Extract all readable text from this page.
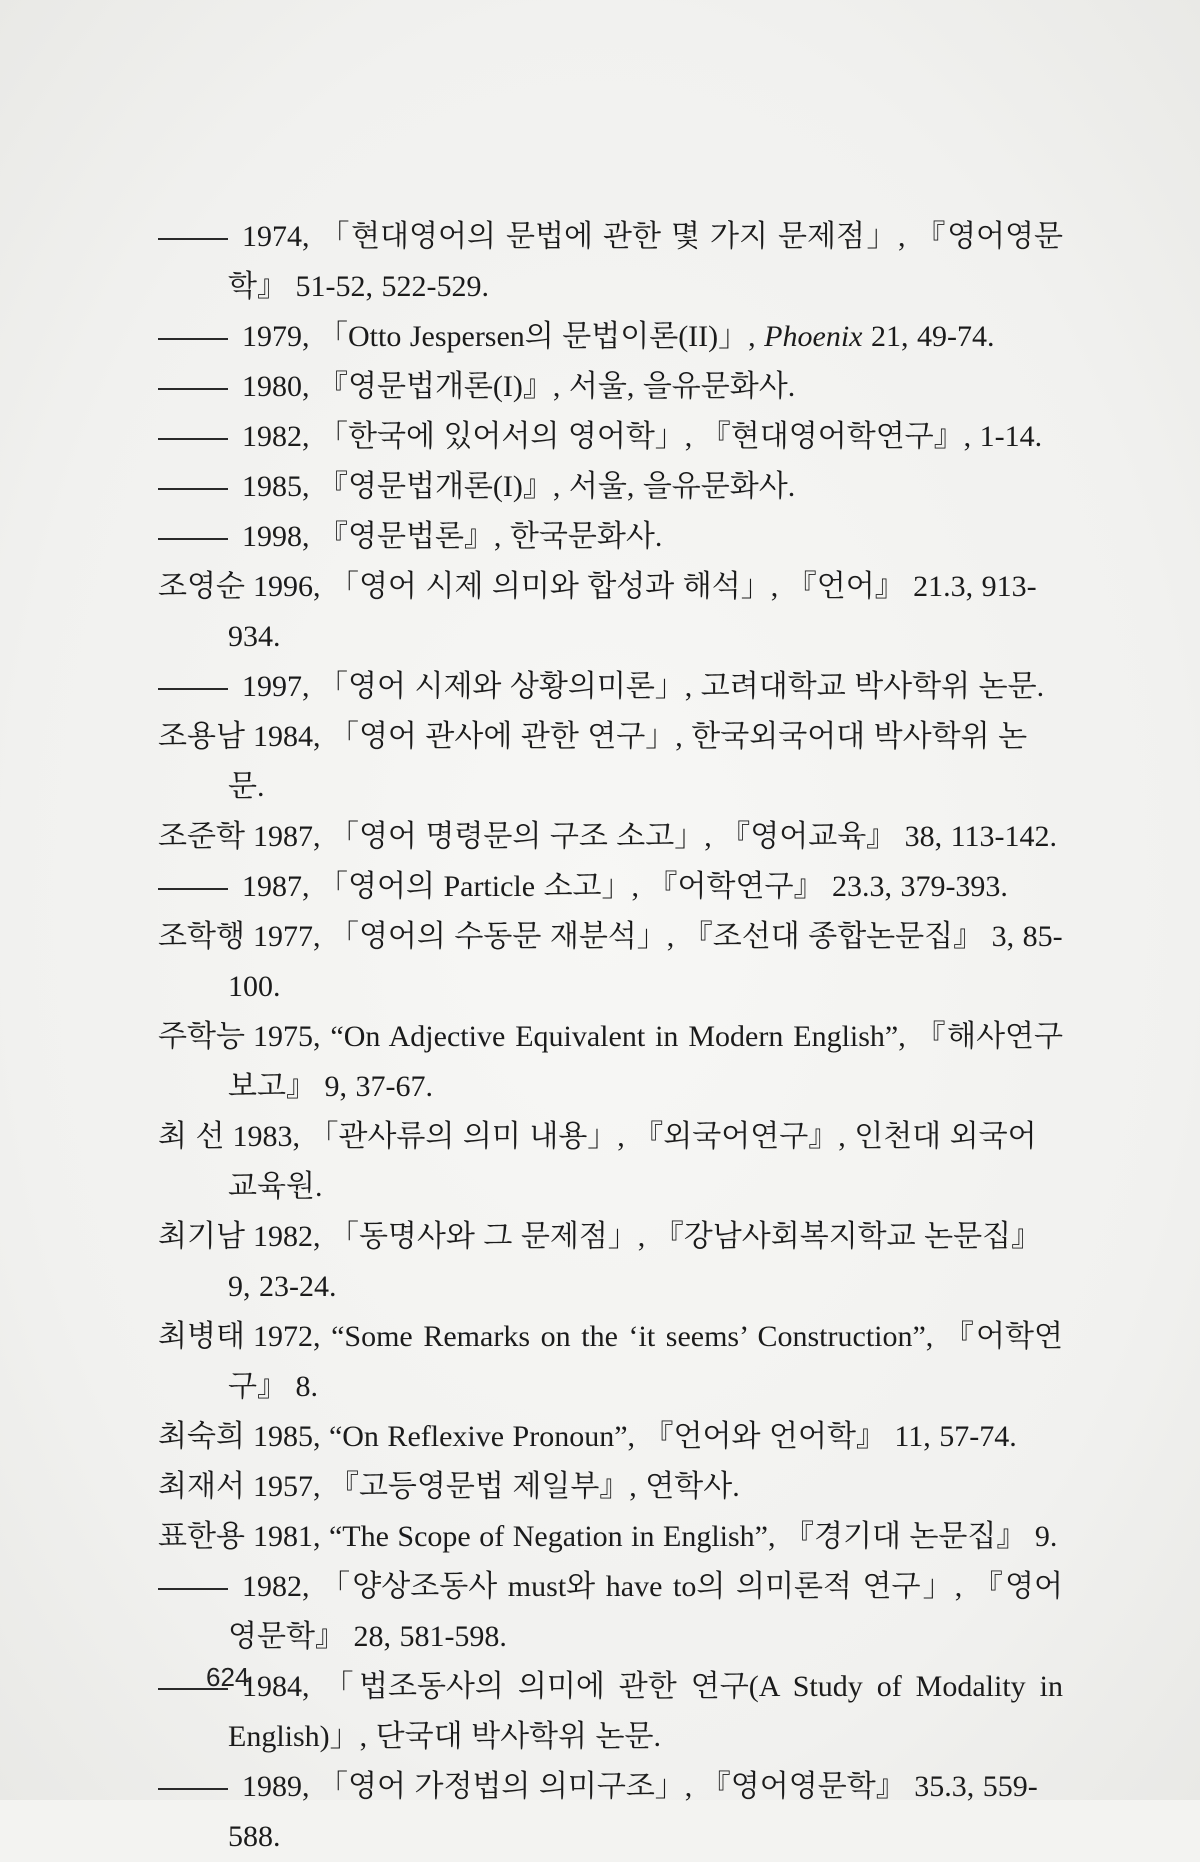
1974, 「현대영어의 문법에 관한 몇 가지 문제점」, 『영어영문학』 51-52, 522-529.
1979, 「Otto Jespersen의 문법이론(II)」, Phoenix 21, 49-74.
1980, 『영문법개론(I)』, 서울, 을유문화사.
1982, 「한국에 있어서의 영어학」, 『현대영어학연구』, 1-14.
1985, 『영문법개론(I)』, 서울, 을유문화사.
1998, 『영문법론』, 한국문화사.
조영순 1996, 「영어 시제 의미와 합성과 해석」, 『언어』 21.3, 913-934.
1997, 「영어 시제와 상황의미론」, 고려대학교 박사학위 논문.
조용남 1984, 「영어 관사에 관한 연구」, 한국외국어대 박사학위 논문.
조준학 1987, 「영어 명령문의 구조 소고」, 『영어교육』 38, 113-142.
1987, 「영어의 Particle 소고」, 『어학연구』 23.3, 379-393.
조학행 1977, 「영어의 수동문 재분석」, 『조선대 종합논문집』 3, 85-100.
주학능 1975, “On Adjective Equivalent in Modern English”, 『해사연구보고』 9, 37-67.
최 선 1983, 「관사류의 의미 내용」, 『외국어연구』, 인천대 외국어교육원.
최기남 1982, 「동명사와 그 문제점」, 『강남사회복지학교 논문집』 9, 23-24.
최병태 1972, “Some Remarks on the ‘it seems’ Construction”, 『어학연구』 8.
최숙희 1985, “On Reflexive Pronoun”, 『언어와 언어학』 11, 57-74.
최재서 1957, 『고등영문법 제일부』, 연학사.
표한용 1981, “The Scope of Negation in English”, 『경기대 논문집』 9.
1982, 「양상조동사 must와 have to의 의미론적 연구」, 『영어영문학』 28, 581-598.
1984, 「법조동사의 의미에 관한 연구(A Study of Modality in English)」, 단국대 박사학위 논문.
1989, 「영어 가정법의 의미구조」, 『영어영문학』 35.3, 559-588.
624
